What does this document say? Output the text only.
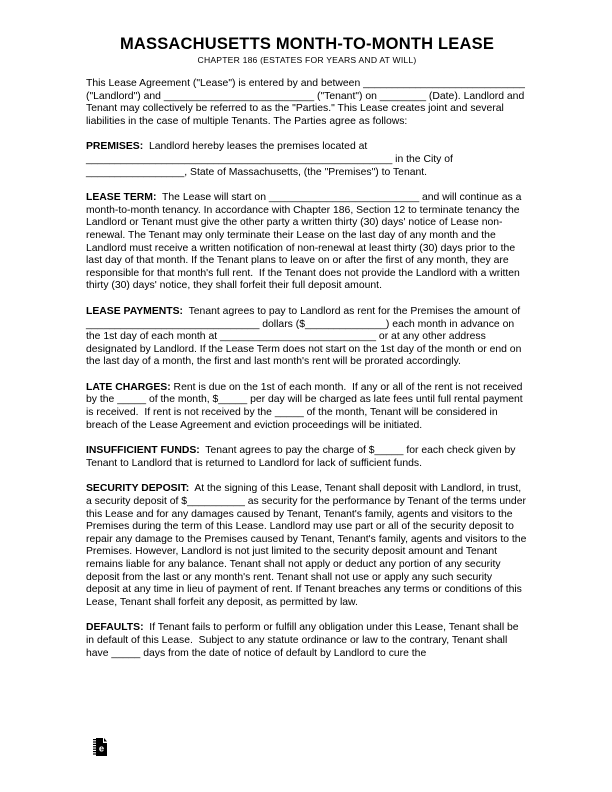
MASSACHUSETTS MONTH-TO-MONTH LEASE
CHAPTER 186 (ESTATES FOR YEARS AND AT WILL)

This Lease Agreement ("Lease") is entered by and between ____________________________ ("Landlord") and __________________________ ("Tenant") on ________ (Date). Landlord and Tenant may collectively be referred to as the "Parties." This Lease creates joint and several liabilities in the case of multiple Tenants. The Parties agree as follows:

PREMISES:  Landlord hereby leases the premises located at _____________________________________________________ in the City of _________________, State of Massachusetts, (the "Premises") to Tenant.

LEASE TERM:  The Lease will start on __________________________ and will continue as a month-to-month tenancy. In accordance with Chapter 186, Section 12 to terminate tenancy the Landlord or Tenant must give the other party a written thirty (30) days' notice of Lease non-renewal. The Tenant may only terminate their Lease on the last day of any month and the Landlord must receive a written notification of non-renewal at least thirty (30) days prior to the last day of that month. If the Tenant plans to leave on or after the first of any month, they are responsible for that month's full rent.  If the Tenant does not provide the Landlord with a written thirty (30) days' notice, they shall forfeit their full deposit amount.

LEASE PAYMENTS:  Tenant agrees to pay to Landlord as rent for the Premises the amount of ______________________________ dollars ($______________) each month in advance on the 1st day of each month at ___________________________ or at any other address designated by Landlord. If the Lease Term does not start on the 1st day of the month or end on the last day of a month, the first and last month's rent will be prorated accordingly.

LATE CHARGES: Rent is due on the 1st of each month.  If any or all of the rent is not received by the _____ of the month, $_____ per day will be charged as late fees until full rental payment is received.  If rent is not received by the _____ of the month, Tenant will be considered in breach of the Lease Agreement and eviction proceedings will be initiated.

INSUFFICIENT FUNDS:  Tenant agrees to pay the charge of $_____ for each check given by Tenant to Landlord that is returned to Landlord for lack of sufficient funds.

SECURITY DEPOSIT:  At the signing of this Lease, Tenant shall deposit with Landlord, in trust, a security deposit of $__________ as security for the performance by Tenant of the terms under this Lease and for any damages caused by Tenant, Tenant's family, agents and visitors to the Premises during the term of this Lease. Landlord may use part or all of the security deposit to repair any damage to the Premises caused by Tenant, Tenant's family, agents and visitors to the Premises. However, Landlord is not just limited to the security deposit amount and Tenant remains liable for any balance. Tenant shall not apply or deduct any portion of any security deposit from the last or any month's rent. Tenant shall not use or apply any such security deposit at any time in lieu of payment of rent. If Tenant breaches any terms or conditions of this Lease, Tenant shall forfeit any deposit, as permitted by law.

DEFAULTS:  If Tenant fails to perform or fulfill any obligation under this Lease, Tenant shall be in default of this Lease.  Subject to any statute ordinance or law to the contrary, Tenant shall have _____ days from the date of notice of default by Landlord to cure the

e
